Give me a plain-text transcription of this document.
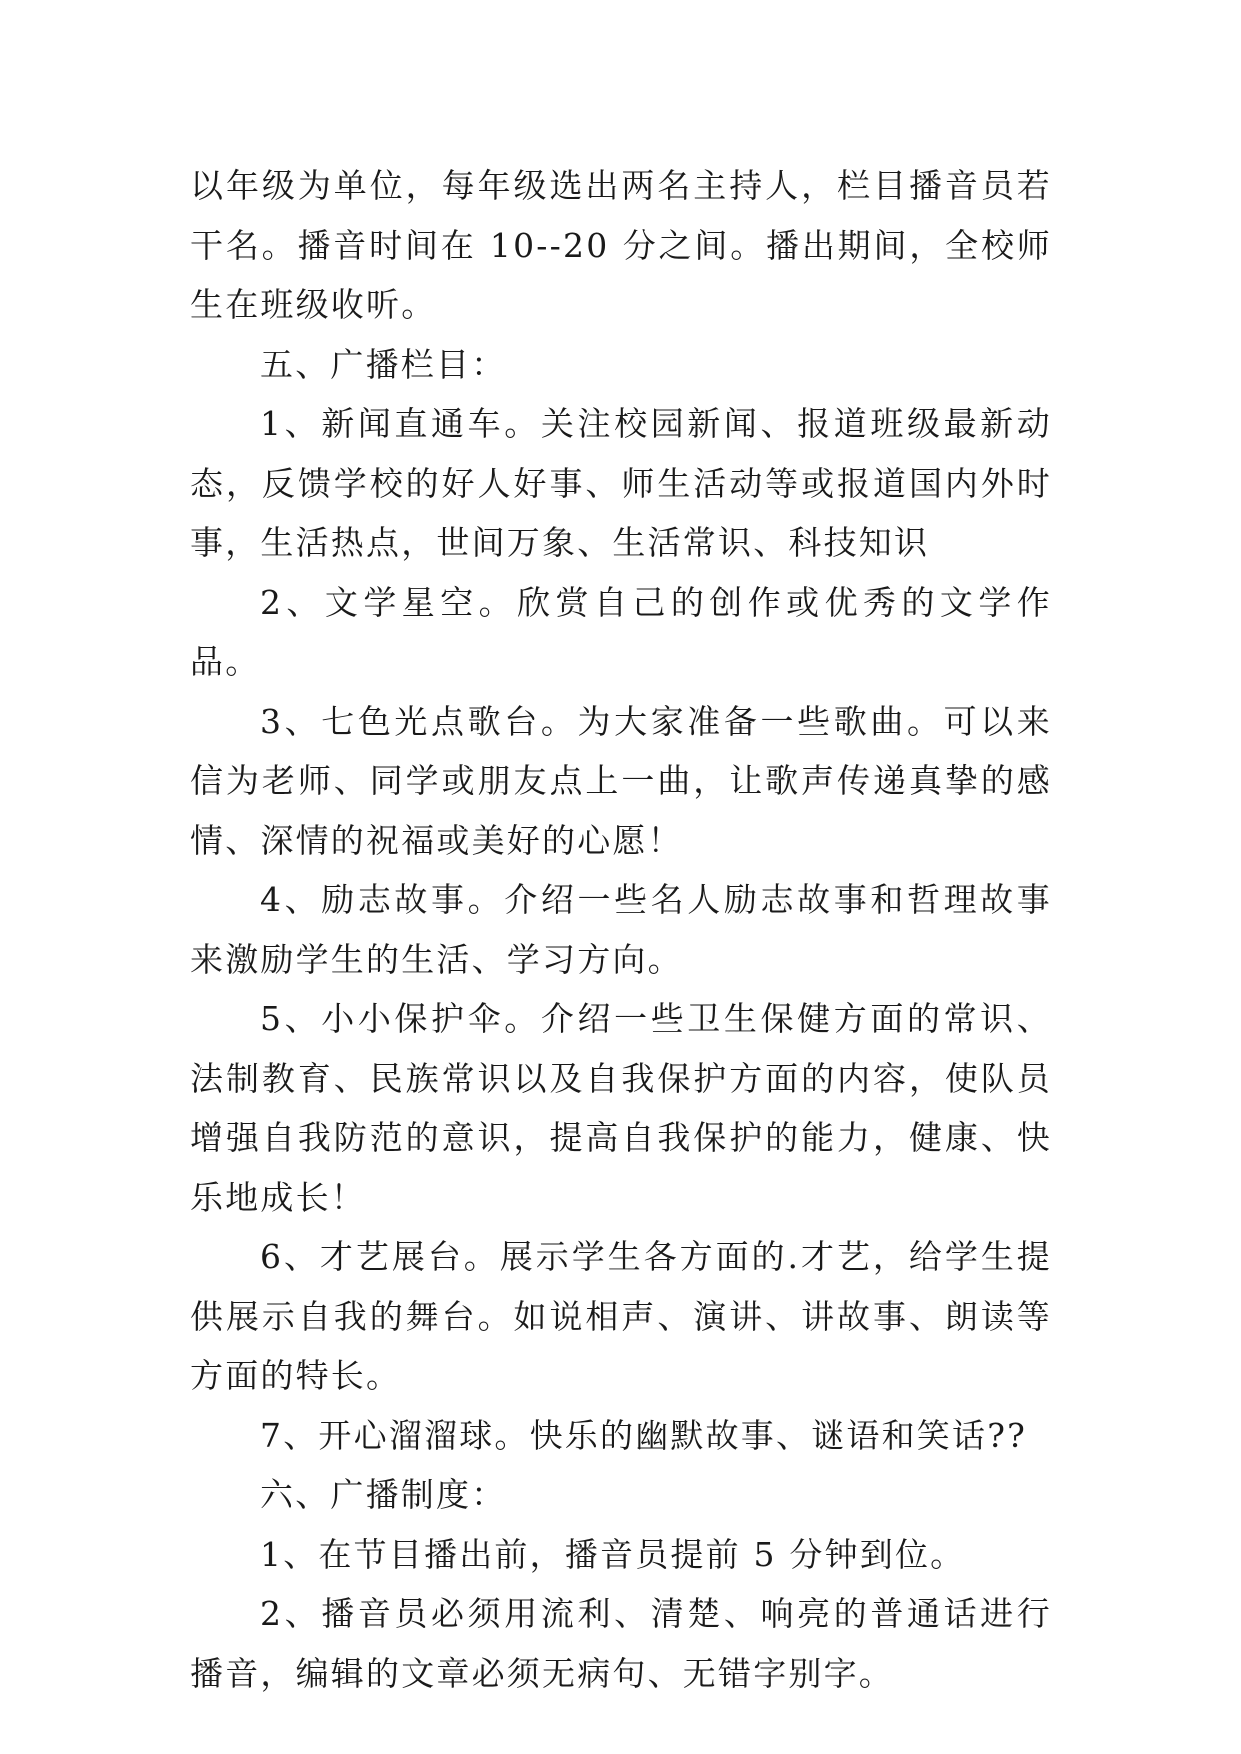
以年级为单位，每年级选出两名主持人，栏目播音员若干名。播音时间在 10--20 分之间。播出期间，全校师生在班级收听。

五、广播栏目：

1、新闻直通车。关注校园新闻、报道班级最新动态，反馈学校的好人好事、师生活动等或报道国内外时事，生活热点，世间万象、生活常识、科技知识

2、文学星空。欣赏自己的创作或优秀的文学作品。

3、七色光点歌台。为大家准备一些歌曲。可以来信为老师、同学或朋友点上一曲，让歌声传递真挚的感情、深情的祝福或美好的心愿！

4、励志故事。介绍一些名人励志故事和哲理故事来激励学生的生活、学习方向。

5、小小保护伞。介绍一些卫生保健方面的常识、法制教育、民族常识以及自我保护方面的内容，使队员增强自我防范的意识，提高自我保护的能力，健康、快乐地成长！

6、才艺展台。展示学生各方面的.才艺，给学生提供展示自我的舞台。如说相声、演讲、讲故事、朗读等方面的特长。

7、开心溜溜球。快乐的幽默故事、谜语和笑话??

六、广播制度：

1、在节目播出前，播音员提前 5 分钟到位。

2、播音员必须用流利、清楚、响亮的普通话进行播音，编辑的文章必须无病句、无错字别字。
